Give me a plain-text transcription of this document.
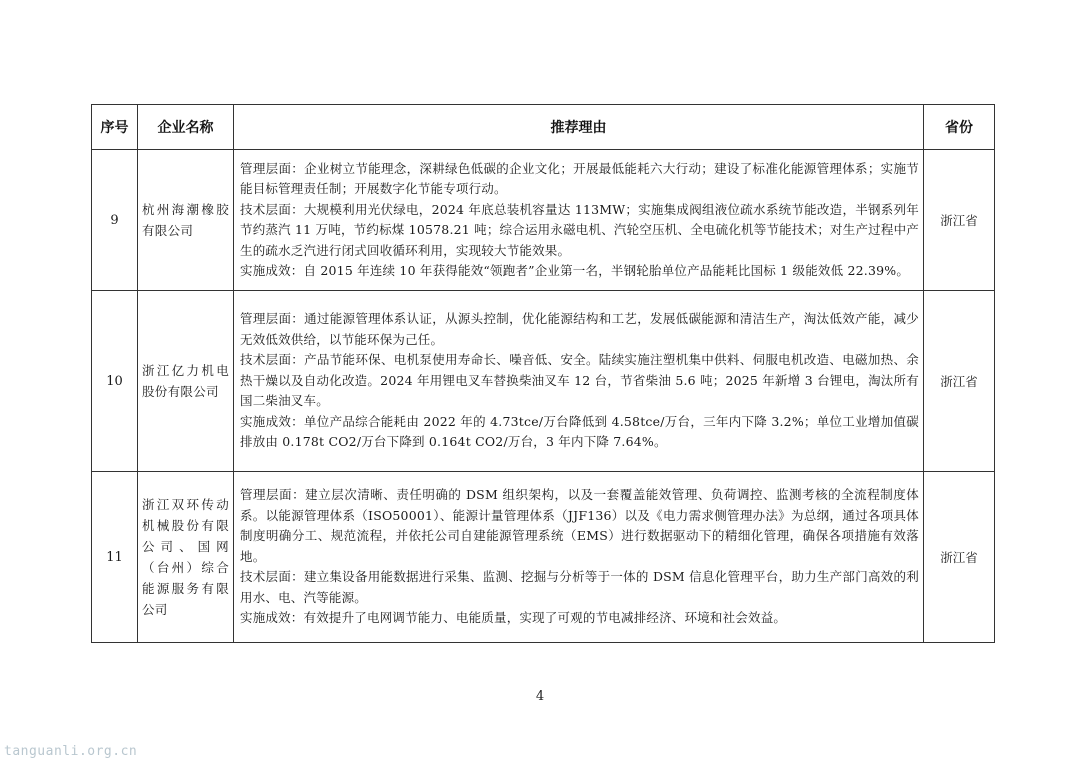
序号	企业名称	推荐理由	省份
9	杭州海潮橡胶有限公司	管理层面：企业树立节能理念，深耕绿色低碳的企业文化；开展最低能耗六大行动；建设了标准化能源管理体系；实施节能目标管理责任制；开展数字化节能专项行动。

技术层面：大规模利用光伏绿电，2024 年底总装机容量达 113MW；实施集成阀组液位疏水系统节能改造，半钢系列年节约蒸汽 11 万吨，节约标煤 10578.21 吨；综合运用永磁电机、汽轮空压机、全电硫化机等节能技术；对生产过程中产生的疏水乏汽进行闭式回收循环利用，实现较大节能效果。

实施成效：自 2015 年连续 10 年获得能效“领跑者”企业第一名，半钢轮胎单位产品能耗比国标 1 级能效低 22.39%。	浙江省
10	浙江亿力机电股份有限公司	管理层面：通过能源管理体系认证，从源头控制，优化能源结构和工艺，发展低碳能源和清洁生产，淘汰低效产能，减少无效低效供给，以节能环保为己任。

技术层面：产品节能环保、电机泵使用寿命长、噪音低、安全。陆续实施注塑机集中供料、伺服电机改造、电磁加热、余热干燥以及自动化改造。2024 年用锂电叉车替换柴油叉车 12 台，节省柴油 5.6 吨；2025 年新增 3 台锂电，淘汰所有国二柴油叉车。

实施成效：单位产品综合能耗由 2022 年的 4.73tce/万台降低到 4.58tce/万台，三年内下降 3.2%；单位工业增加值碳排放由 0.178t CO2/万台下降到 0.164t CO2/万台，3 年内下降 7.64%。	浙江省
11	浙江双环传动机械股份有限公司、国网（台州）综合能源服务有限公司	管理层面：建立层次清晰、责任明确的 DSM 组织架构，以及一套覆盖能效管理、负荷调控、监测考核的全流程制度体系。以能源管理体系（ISO50001）、能源计量管理体系（JJF136）以及《电力需求侧管理办法》为总纲，通过各项具体制度明确分工、规范流程，并依托公司自建能源管理系统（EMS）进行数据驱动下的精细化管理，确保各项措施有效落地。

技术层面：建立集设备用能数据进行采集、监测、挖掘与分析等于一体的 DSM 信息化管理平台，助力生产部门高效的利用水、电、汽等能源。

实施成效：有效提升了电网调节能力、电能质量，实现了可观的节电减排经济、环境和社会效益。	浙江省
4
tanguanli.org.cn
